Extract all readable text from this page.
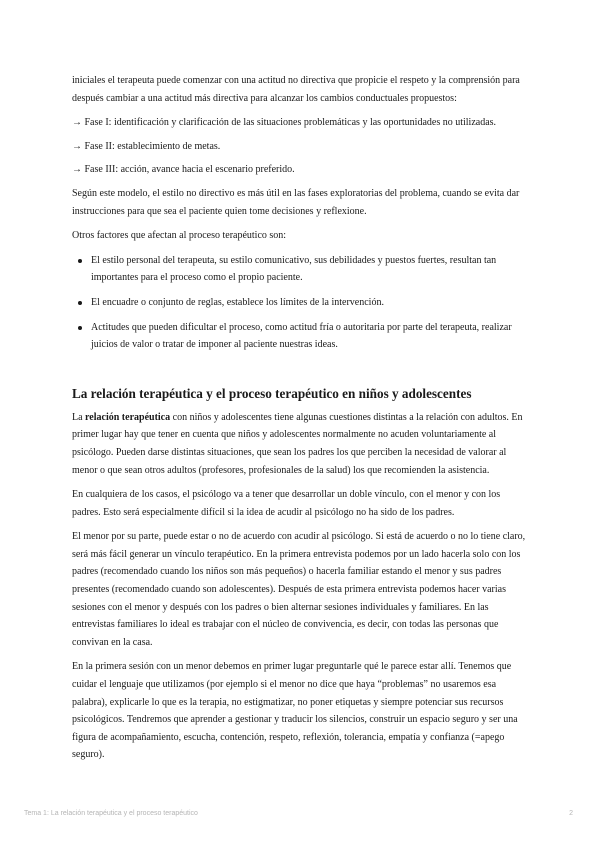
iniciales el terapeuta puede comenzar con una actitud no directiva que propicie el respeto y la comprensión para después cambiar a una actitud más directiva para alcanzar los cambios conductuales propuestos:

→ Fase I: identificación y clarificación de las situaciones problemáticas y las oportunidades no utilizadas.

→ Fase II: establecimiento de metas.

→ Fase III: acción, avance hacia el escenario preferido.

Según este modelo, el estilo no directivo es más útil en las fases exploratorias del problema, cuando se evita dar instrucciones para que sea el paciente quien tome decisiones y reflexione.

Otros factores que afectan al proceso terapéutico son:

El estilo personal del terapeuta, su estilo comunicativo, sus debilidades y puestos fuertes, resultan tan importantes para el proceso como el propio paciente.
El encuadre o conjunto de reglas, establece los límites de la intervención.
Actitudes que pueden dificultar el proceso, como actitud fría o autoritaria por parte del terapeuta, realizar juicios de valor o tratar de imponer al paciente nuestras ideas.
La relación terapéutica y el proceso terapéutico en niños y adolescentes

La relación terapéutica con niños y adolescentes tiene algunas cuestiones distintas a la relación con adultos. En primer lugar hay que tener en cuenta que niños y adolescentes normalmente no acuden voluntariamente al psicólogo. Pueden darse distintas situaciones, que sean los padres los que perciben la necesidad de valorar al menor o que sean otros adultos (profesores, profesionales de la salud) los que recomienden la asistencia.

En cualquiera de los casos, el psicólogo va a tener que desarrollar un doble vínculo, con el menor y con los padres. Esto será especialmente difícil si la idea de acudir al psicólogo no ha sido de los padres.

El menor por su parte, puede estar o no de acuerdo con acudir al psicólogo. Si está de acuerdo o no lo tiene claro, será más fácil generar un vínculo terapéutico. En la primera entrevista podemos por un lado hacerla solo con los padres (recomendado cuando los niños son más pequeños) o hacerla familiar estando el menor y sus padres presentes (recomendado cuando son adolescentes). Después de esta primera entrevista podemos hacer varias sesiones con el menor y después con los padres o bien alternar sesiones individuales y familiares. En las entrevistas familiares lo ideal es trabajar con el núcleo de convivencia, es decir, con todas las personas que convivan en la casa.

En la primera sesión con un menor debemos en primer lugar preguntarle qué le parece estar allí. Tenemos que cuidar el lenguaje que utilizamos (por ejemplo si el menor no dice que haya “problemas” no usaremos esa palabra), explicarle lo que es la terapia, no estigmatizar, no poner etiquetas y siempre potenciar sus recursos psicológicos. Tendremos que aprender a gestionar y traducir los silencios, construir un espacio seguro y ser una figura de acompañamiento, escucha, contención, respeto, reflexión, tolerancia, empatía y confianza (=apego seguro).

Tema 1: La relación terapéutica y el proceso terapéutico	2
